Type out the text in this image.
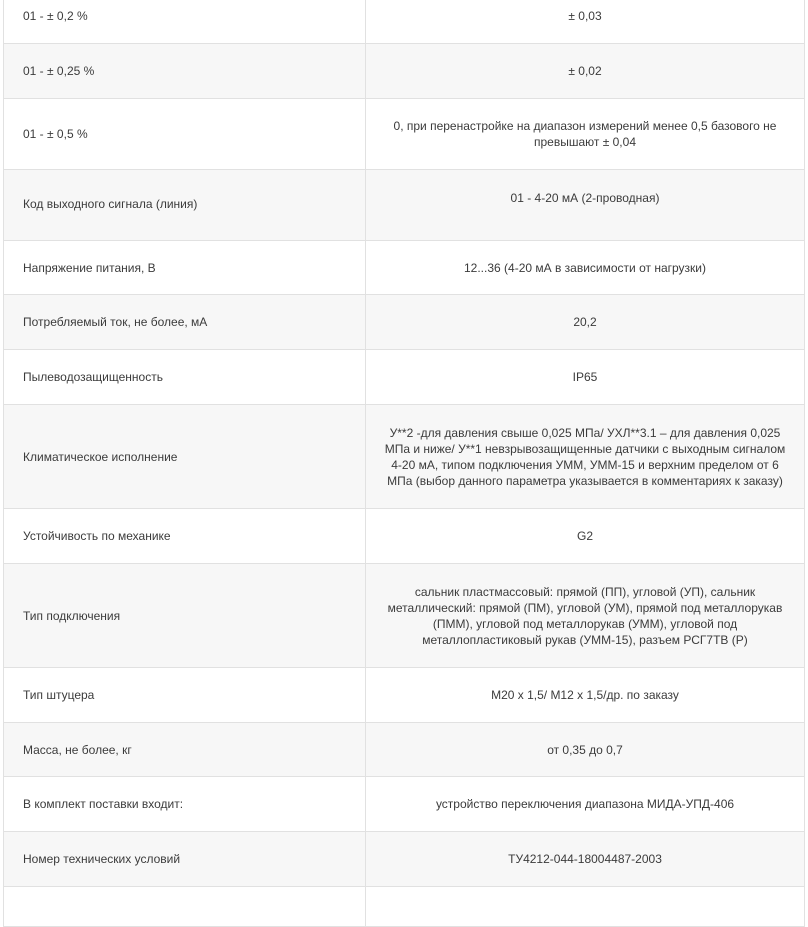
01 - ± 0,2 %	± 0,03
01 - ± 0,25 %	± 0,02
01 - ± 0,5 %	0, при перенастройке на диапазон измерений менее 0,5 базового не превышают ± 0,04
Код выходного сигнала (линия)	01 - 4-20 мА (2-проводная)
Напряжение питания, В	12...36 (4-20 мА в зависимости от нагрузки)
Потребляемый ток, не более, мА	20,2
Пылеводозащищенность	IP65
Климатическое исполнение	У**2 -для давления свыше 0,025 МПа/ УХЛ**3.1 – для давления 0,025 МПа и ниже/ У**1 невзрывозащищенные датчики с выходным сигналом 4-20 мА, типом подключения УММ, УММ-15 и верхним пределом от 6 МПа (выбор данного параметра указывается в комментариях к заказу)
Устойчивость по механике	G2
Тип подключения	сальник пластмассовый: прямой (ПП), угловой (УП), сальник металлический: прямой (ПМ), угловой (УМ), прямой под металлорукав (ПММ), угловой под металлорукав (УММ), угловой под металлопластиковый рукав (УММ-15), разъем РСГ7ТВ (Р)
Тип штуцера	М20 х 1,5/ М12 х 1,5/др. по заказу
Масса, не более, кг	от 0,35 до 0,7
В комплект поставки входит:	устройство переключения диапазона МИДА-УПД-406
Номер технических условий	ТУ4212-044-18004487-2003
